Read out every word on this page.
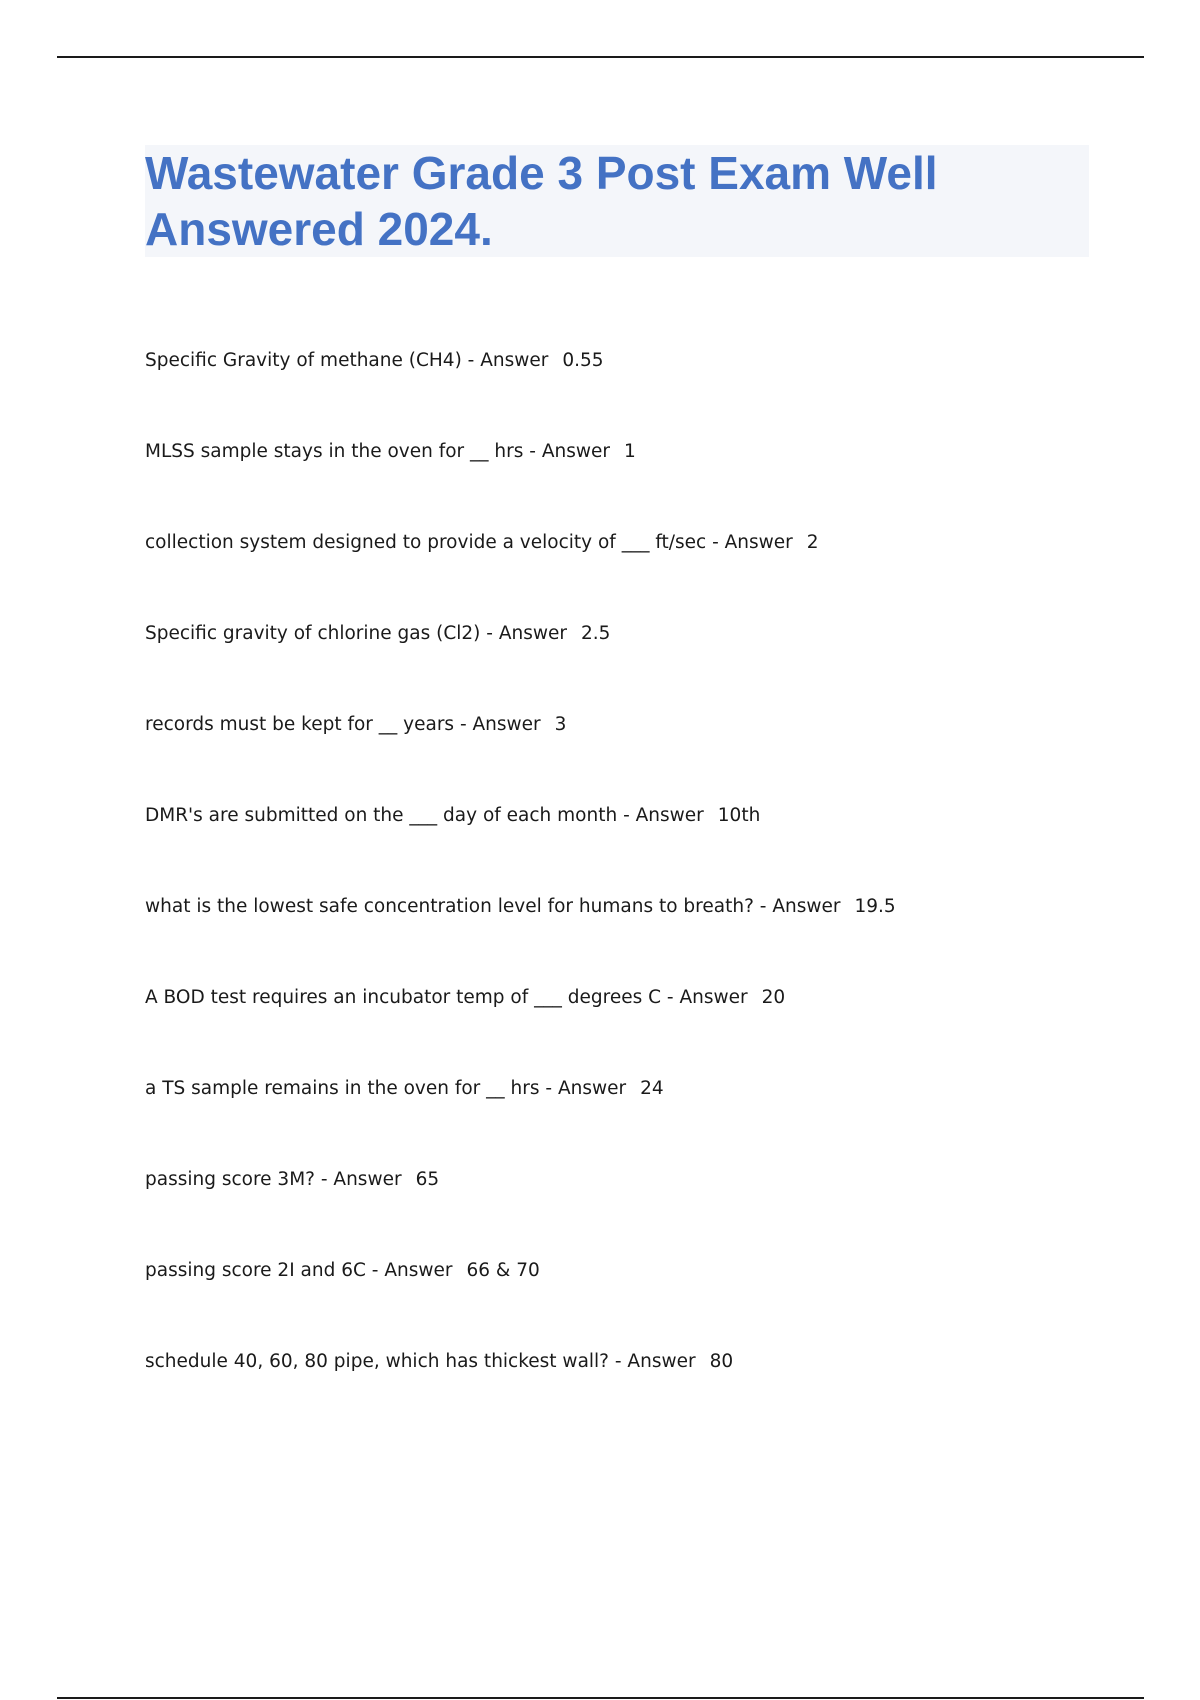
Wastewater Grade 3 Post Exam Well Answered 2024.
Specific Gravity of methane (CH4) - Answer 0.55
MLSS sample stays in the oven for __ hrs - Answer 1
collection system designed to provide a velocity of ___ ft/sec - Answer 2
Specific gravity of chlorine gas (Cl2) - Answer 2.5
records must be kept for __ years - Answer 3
DMR's are submitted on the ___ day of each month - Answer 10th
what is the lowest safe concentration level for humans to breath? - Answer 19.5
A BOD test requires an incubator temp of ___ degrees C - Answer 20
a TS sample remains in the oven for __ hrs - Answer 24
passing score 3M? - Answer 65
passing score 2I and 6C - Answer 66 & 70
schedule 40, 60, 80 pipe, which has thickest wall? - Answer 80
